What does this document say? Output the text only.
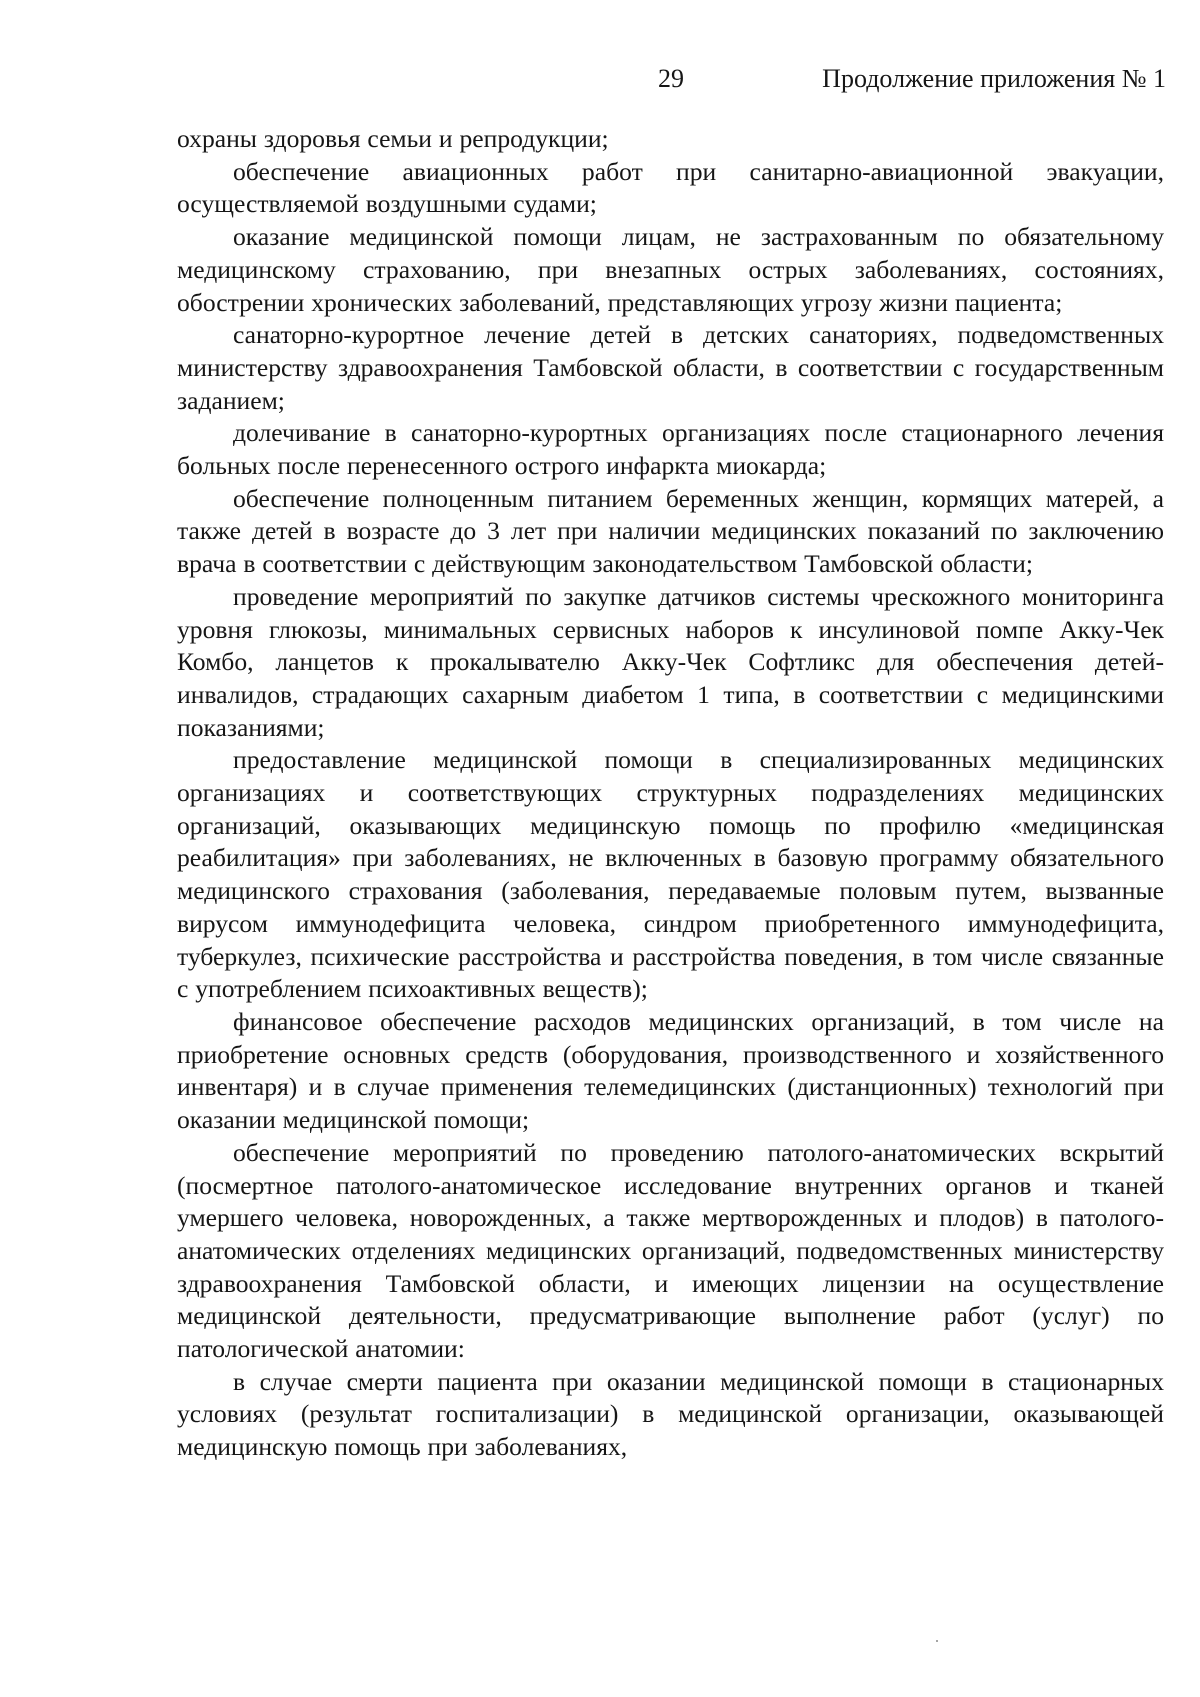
29	Продолжение приложения № 1

охраны здоровья семьи и репродукции;

обеспечение авиационных работ при санитарно-авиационной эвакуации, осуществляемой воздушными судами;

оказание медицинской помощи лицам, не застрахованным по обязательному медицинскому страхованию, при внезапных острых заболеваниях, состояниях, обострении хронических заболеваний, представляющих угрозу жизни пациента;

санаторно-курортное лечение детей в детских санаториях, подведомственных министерству здравоохранения Тамбовской области, в соответствии с государственным заданием;

долечивание в санаторно-курортных организациях после стационарного лечения больных после перенесенного острого инфаркта миокарда;

обеспечение полноценным питанием беременных женщин, кормящих матерей, а также детей в возрасте до 3 лет при наличии медицинских показаний по заключению врача в соответствии с действующим законодательством Тамбовской области;

проведение мероприятий по закупке датчиков системы чрескожного мониторинга уровня глюкозы, минимальных сервисных наборов к инсулиновой помпе Акку-Чек Комбо, ланцетов к прокалывателю Акку-Чек Софтликс для обеспечения детей-инвалидов, страдающих сахарным диабетом 1 типа, в соответствии с медицинскими показаниями;

предоставление медицинской помощи в специализированных медицинских организациях и соответствующих структурных подразделениях медицинских организаций, оказывающих медицинскую помощь по профилю «медицинская реабилитация» при заболеваниях, не включенных в базовую программу обязательного медицинского страхования (заболевания, передаваемые половым путем, вызванные вирусом иммунодефицита человека, синдром приобретенного иммунодефицита, туберкулез, психические расстройства и расстройства поведения, в том числе связанные с употреблением психоактивных веществ);

финансовое обеспечение расходов медицинских организаций, в том числе на приобретение основных средств (оборудования, производственного и хозяйственного инвентаря) и в случае применения телемедицинских (дистанционных) технологий при оказании медицинской помощи;

обеспечение мероприятий по проведению патолого-анатомических вскрытий (посмертное патолого-анатомическое исследование внутренних органов и тканей умершего человека, новорожденных, а также мертворожденных и плодов) в патолого-анатомических отделениях медицинских организаций, подведомственных министерству здравоохранения Тамбовской области, и имеющих лицензии на осуществление медицинской деятельности, предусматривающие выполнение работ (услуг) по патологической анатомии:

в случае смерти пациента при оказании медицинской помощи в стационарных условиях (результат госпитализации) в медицинской организации, оказывающей медицинскую помощь при заболеваниях,
